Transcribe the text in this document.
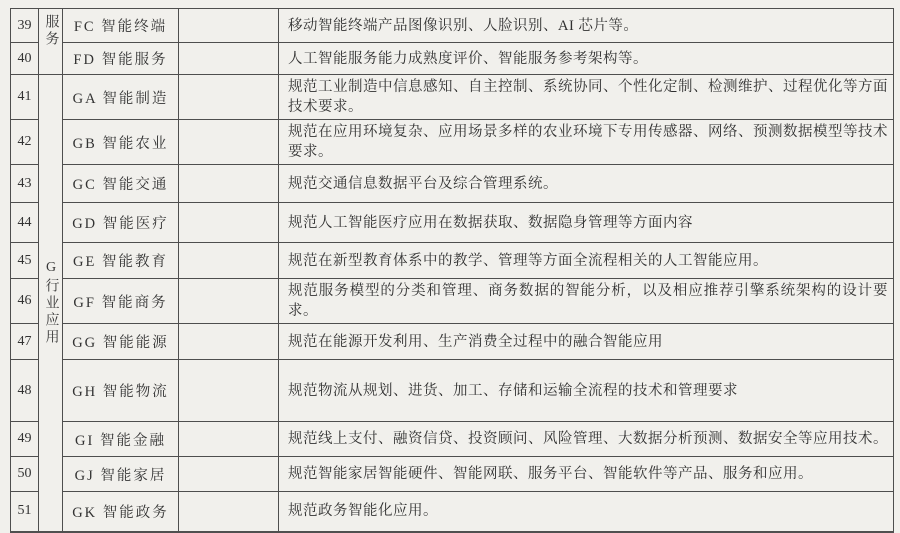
39	服务	FC 智能终端		移动智能终端产品图像识别、人脸识别、AI 芯片等。
40		FD 智能服务		人工智能服务能力成熟度评价、智能服务参考架构等。
41	G行业应用	GA 智能制造		规范工业制造中信息感知、自主控制、系统协同、个性化定制、检测维护、过程优化等方面技术要求。
42		GB 智能农业		规范在应用环境复杂、应用场景多样的农业环境下专用传感器、网络、预测数据模型等技术要求。
43		GC 智能交通		规范交通信息数据平台及综合管理系统。
44		GD 智能医疗		规范人工智能医疗应用在数据获取、数据隐身管理等方面内容
45		GE 智能教育		规范在新型教育体系中的教学、管理等方面全流程相关的人工智能应用。
46		GF 智能商务		规范服务模型的分类和管理、商务数据的智能分析，以及相应推荐引擎系统架构的设计要求。
47		GG 智能能源		规范在能源开发利用、生产消费全过程中的融合智能应用
48		GH 智能物流		规范物流从规划、进货、加工、存储和运输全流程的技术和管理要求
49		GI 智能金融		规范线上支付、融资信贷、投资顾问、风险管理、大数据分析预测、数据安全等应用技术。
50		GJ 智能家居		规范智能家居智能硬件、智能网联、服务平台、智能软件等产品、服务和应用。
51		GK 智能政务		规范政务智能化应用。
